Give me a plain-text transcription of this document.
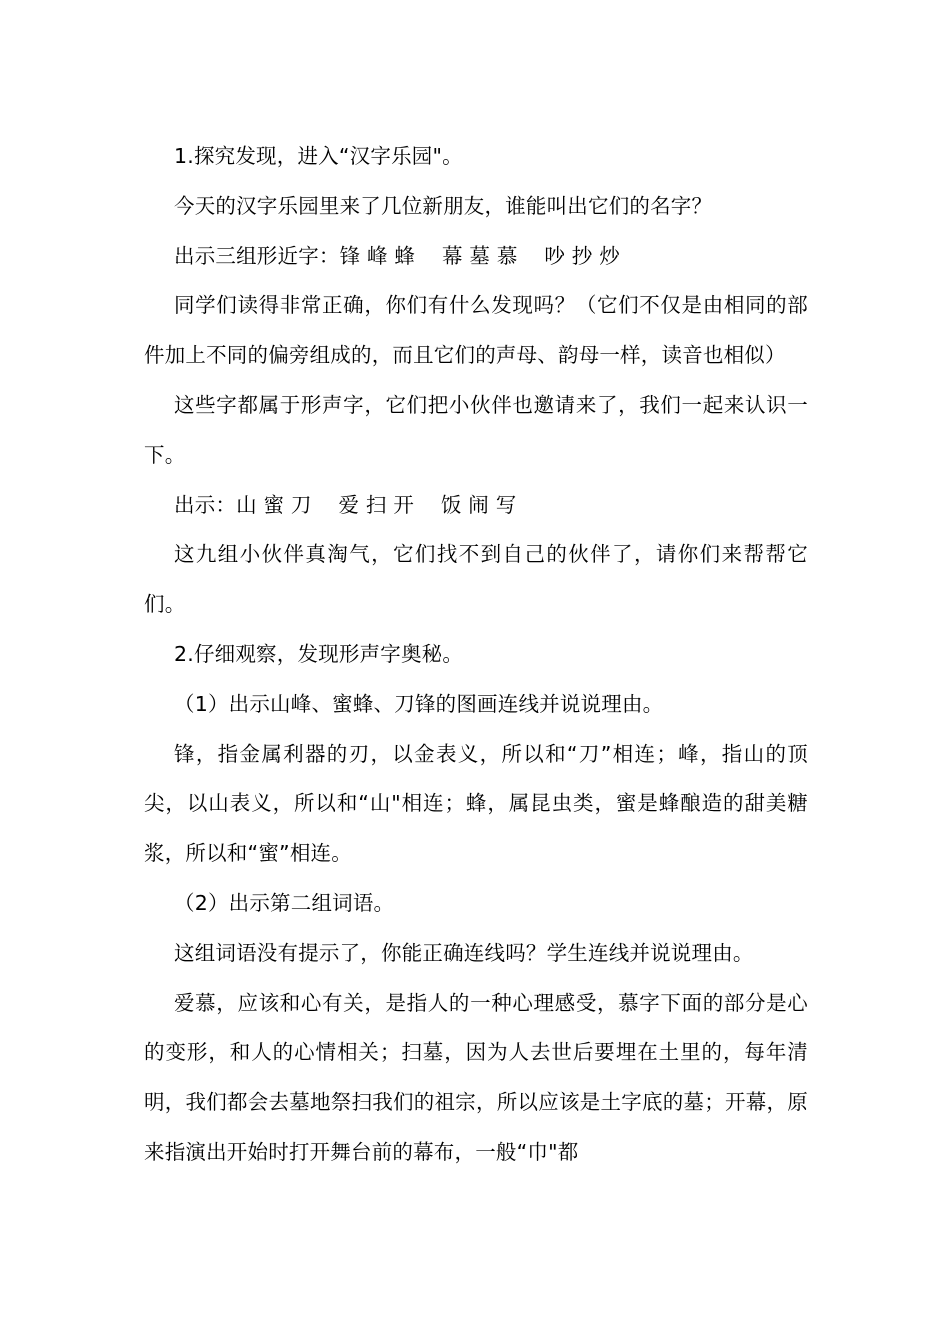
1.探究发现，进入“汉字乐园"。

今天的汉字乐园里来了几位新朋友，谁能叫出它们的名字？

出示三组形近字：锋 峰 蜂    幕 墓 慕    吵 抄 炒

同学们读得非常正确，你们有什么发现吗？（它们不仅是由相同的部件加上不同的偏旁组成的，而且它们的声母、韵母一样，读音也相似）

这些字都属于形声字，它们把小伙伴也邀请来了，我们一起来认识一下。

出示：山 蜜 刀    爱 扫 开    饭 闹 写

这九组小伙伴真淘气，它们找不到自己的伙伴了，请你们来帮帮它们。

2.仔细观察，发现形声字奥秘。

（1）出示山峰、蜜蜂、刀锋的图画连线并说说理由。

锋，指金属利器的刃，以金表义，所以和“刀”相连；峰，指山的顶尖，以山表义，所以和“山"相连；蜂，属昆虫类，蜜是蜂酿造的甜美糖浆，所以和“蜜”相连。

（2）出示第二组词语。

这组词语没有提示了，你能正确连线吗？学生连线并说说理由。

爱慕，应该和心有关，是指人的一种心理感受，慕字下面的部分是心的变形，和人的心情相关；扫墓，因为人去世后要埋在土里的，每年清明，我们都会去墓地祭扫我们的祖宗，所以应该是土字底的墓；开幕，原来指演出开始时打开舞台前的幕布，一般“巾"都
